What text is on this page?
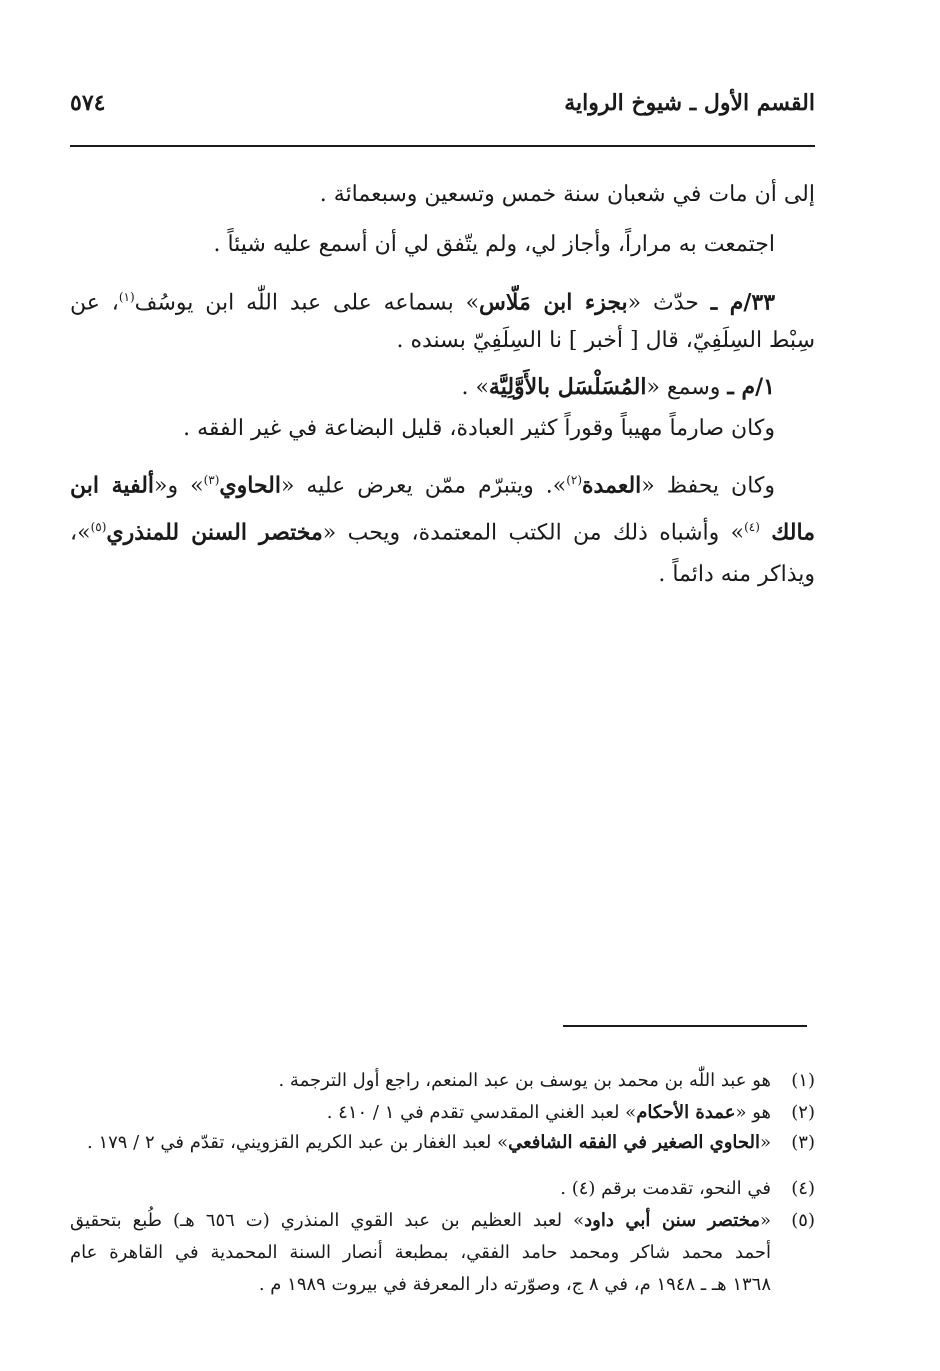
القسم الأول ـ شيوخ الرواية
٥٧٤
إلى أن مات في شعبان سنة خمس وتسعين وسبعمائة .
اجتمعت به مراراً، وأجاز لي، ولم يتّفق لي أن أسمع عليه شيئاً .
٣٣/م ـ حدّث «بجزء ابن مَلّاس» بسماعه على عبد اللّٰه ابن يوسُف$^{(١)}$، عن
سِبْط السِلَفِيّ، قال [ أخبر ] نا السِلَفِيّ بسنده .
١/م ـ وسمع «المُسَلْسَل بالأَوَّلِيَّة» .
وكان صارماً مهيباً وقوراً كثير العبادة، قليل البضاعة في غير الفقه .
وكان يحفظ «العمدة$^{(٢)}$». ويتبرّم ممّن يعرض عليه «الحاوي$^{(٣)}$» و«ألفية ابن
مالك $^{(٤)}$» وأشباه ذلك من الكتب المعتمدة، ويحب «مختصر السنن للمنذري$^{(٥)}$»،
ويذاكر منه دائماً .
(١)هو عبد اللّٰه بن محمد بن يوسف بن عبد المنعم، راجع أول الترجمة .
(٢)هو «عمدة الأحكام» لعبد الغني المقدسي تقدم في ١ / ٤١٠ .
(٣)«الحاوي الصغير في الفقه الشافعي» لعبد الغفار بن عبد الكريم القزويني، تقدّم في ٢ / ١٧٩ .
(٤)في النحو، تقدمت برقم (٤) .
(٥)«مختصر سنن أبي داود» لعبد العظيم بن عبد القوي المنذري (ت ٦٥٦ هـ) طُبع بتحقيق
أحمد محمد شاكر ومحمد حامد الفقي، بمطبعة أنصار السنة المحمدية في القاهرة عام
١٣٦٨ هـ ـ ١٩٤٨ م، في ٨ ج، وصوّرته دار المعرفة في بيروت ١٩٨٩ م .
